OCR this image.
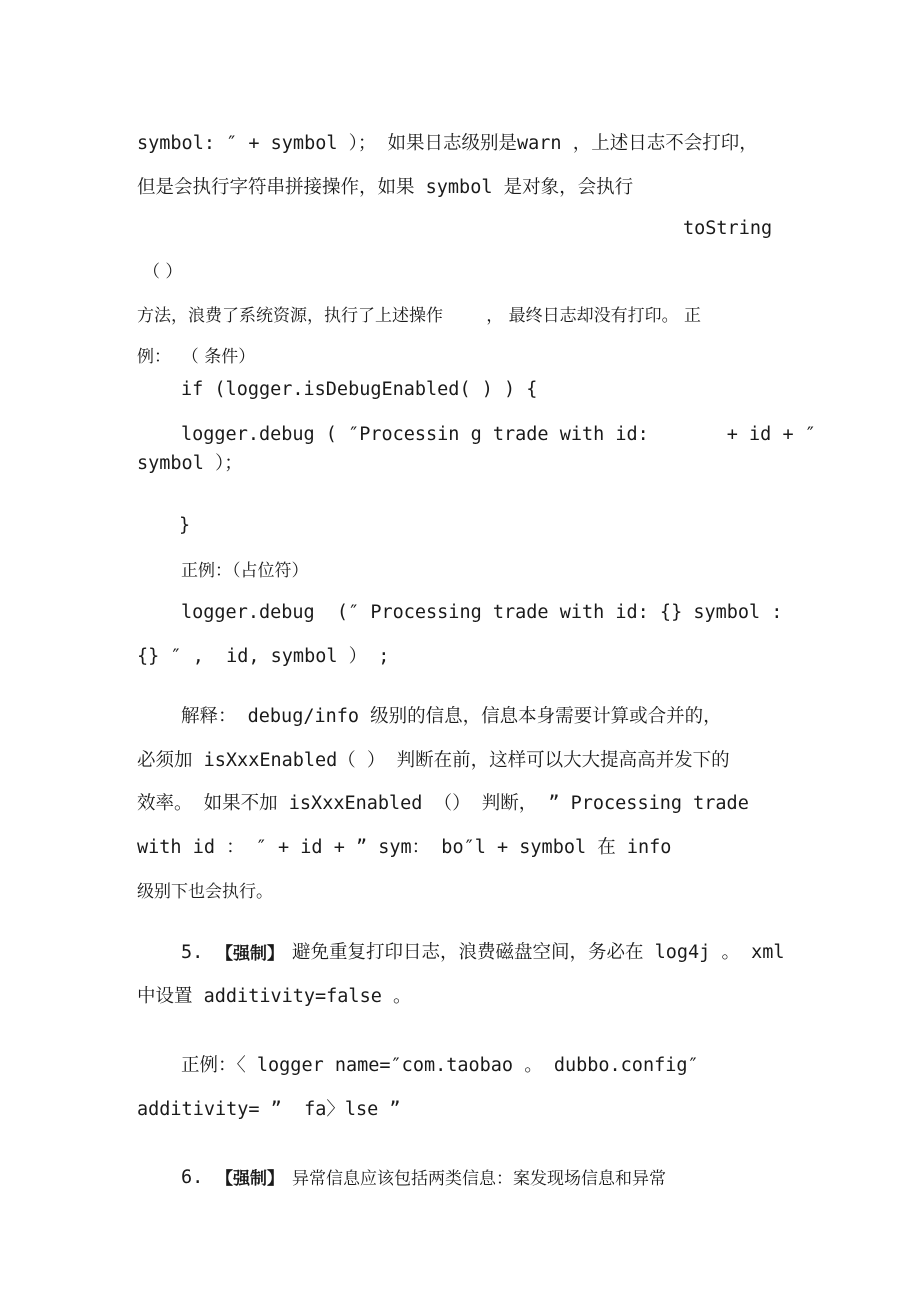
symbol: ″ + symbol ）； 如果日志级别是warn ，上述日志不会打印，
但是会执行字符串拼接操作，如果 symbol 是对象，会执行
toString
（ ）
方法，浪费了系统资源，执行了上述操作        ， 最终日志却没有打印。 正
例：  （ 条件）
if (logger.isDebugEnabled( ) ) {
logger.debug ( ″Processin g trade with id:       + id + ″
symbol ）；
}
正例：（占位符）
logger.debug  (″ Processing trade with id: {} symbol :
{} ″ ,  id, symbol ） ;
解释： debug/info 级别的信息，信息本身需要计算或合并的，
必须加 isXxxEnabled（ ） 判断在前，这样可以大大提高高并发下的
效率。 如果不加 isXxxEnabled （） 判断， ” Processing trade
with id ： ″ + id + ” sym： bo″l + symbol 在 info
级别下也会执行。
5. 【强制】 避免重复打印日志，浪费磁盘空间，务必在 log4j 。 xml
中设置 additivity=false 。
正例：〈 logger name=″com.taobao 。 dubbo.config″
additivity= ”  fa〉lse ”
6. 【强制】 异常信息应该包括两类信息：案发现场信息和异常
